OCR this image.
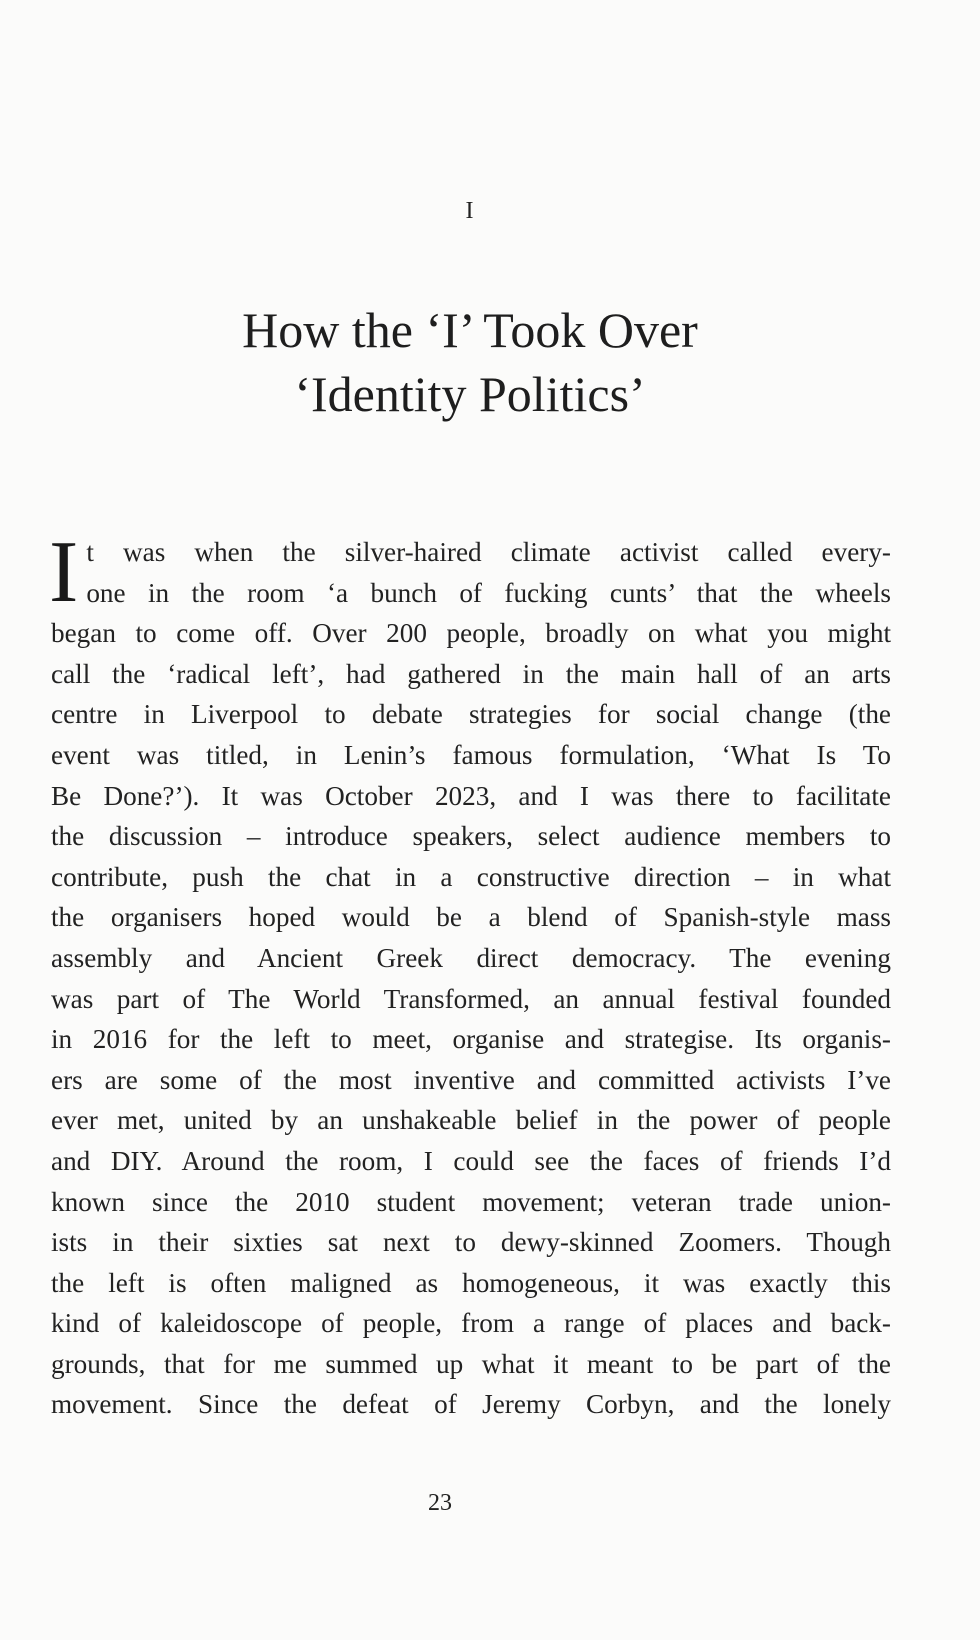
I
How the ‘I’ Took Over
‘Identity Politics’
I t was when the silver-haired climate activist called every-
one in the room ‘a bunch of fucking cunts’ that the wheels
began to come off. Over 200 people, broadly on what you might
call the ‘radical left’, had gathered in the main hall of an arts
centre in Liverpool to debate strategies for social change (the
event was titled, in Lenin’s famous formulation, ‘What Is To
Be Done?’). It was October 2023, and I was there to facilitate
the discussion – introduce speakers, select audience members to
contribute, push the chat in a constructive direction – in what
the organisers hoped would be a blend of Spanish-style mass
assembly and Ancient Greek direct democracy. The evening
was part of The World Transformed, an annual festival founded
in 2016 for the left to meet, organise and strategise. Its organis-
ers are some of the most inventive and committed activists I’ve
ever met, united by an unshakeable belief in the power of people
and DIY. Around the room, I could see the faces of friends I’d
known since the 2010 student movement; veteran trade union-
ists in their sixties sat next to dewy-skinned Zoomers. Though
the left is often maligned as homogeneous, it was exactly this
kind of kaleidoscope of people, from a range of places and back-
grounds, that for me summed up what it meant to be part of the
movement. Since the defeat of Jeremy Corbyn, and the lonely
23
